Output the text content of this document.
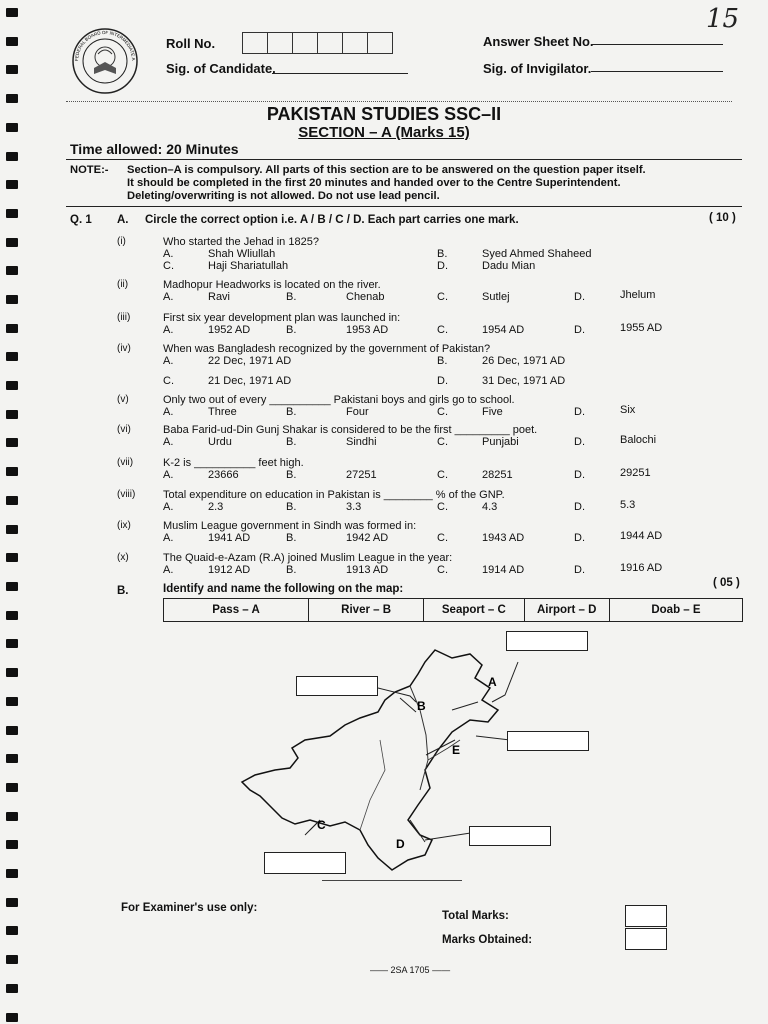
FEDERAL BOARD OF INTERMEDIATE A
Roll No.	Answer Sheet No.
Sig. of Candidate.	Sig. of Invigilator.
15
PAKISTAN STUDIES SSC–II
SECTION – A (Marks 15)
Time allowed: 20 Minutes
NOTE:- Section–A is compulsory. All parts of this section are to be answered on the question paper itself.
It should be completed in the first 20 minutes and handed over to the Centre Superintendent.
Deleting/overwriting is not allowed. Do not use lead pencil.
Q. 1 A. Circle the correct option i.e. A / B / C / D. Each part carries one mark.	( 10 )
(i)	Who started the Jehad in 1825?
A.	Shah Wliullah	B.	Syed Ahmed Shaheed
C.	Haji Shariatullah	D.	Dadu Mian
(ii)	Madhopur Headworks is located on the river.
A.	Ravi	B.	Chenab	C.	Sutlej	D.	Jhelum
(iii)	First six year development plan was launched in:
A.	1952 AD	B.	1953 AD	C.	1954 AD	D.	1955 AD
(iv)	When was Bangladesh recognized by the government of Pakistan?
A.	22 Dec, 1971 AD	B.	26 Dec, 1971 AD
C.	21 Dec, 1971 AD	D.	31 Dec, 1971 AD
(v)	Only two out of every __________ Pakistani boys and girls go to school.
A.	Three	B.	Four	C.	Five	D.	Six
(vi)	Baba Farid-ud-Din Gunj Shakar is considered to be the first _________ poet.
A.	Urdu	B.	Sindhi	C.	Punjabi	D.	Balochi
(vii)	K-2 is __________ feet high.
A.	23666	B.	27251	C.	28251	D.	29251
(viii)	Total expenditure on education in Pakistan is ________ % of the GNP.
A.	2.3	B.	3.3	C.	4.3	D.	5.3
(ix)	Muslim League government in Sindh was formed in:
A.	1941 AD	B.	1942 AD	C.	1943 AD	D.	1944 AD
(x)	The Quaid-e-Azam (R.A) joined Muslim League in the year:
A.	1912 AD	B.	1913 AD	C.	1914 AD	D.	1916 AD
B.	Identify and name the following on the map:	( 05 )
Pass – A	River – B	Seaport – C	Airport – D	Doab – E
A
B
C
D
E
For Examiner's use only:
Total Marks:
Marks Obtained:
—— 2SA 1705 ——
